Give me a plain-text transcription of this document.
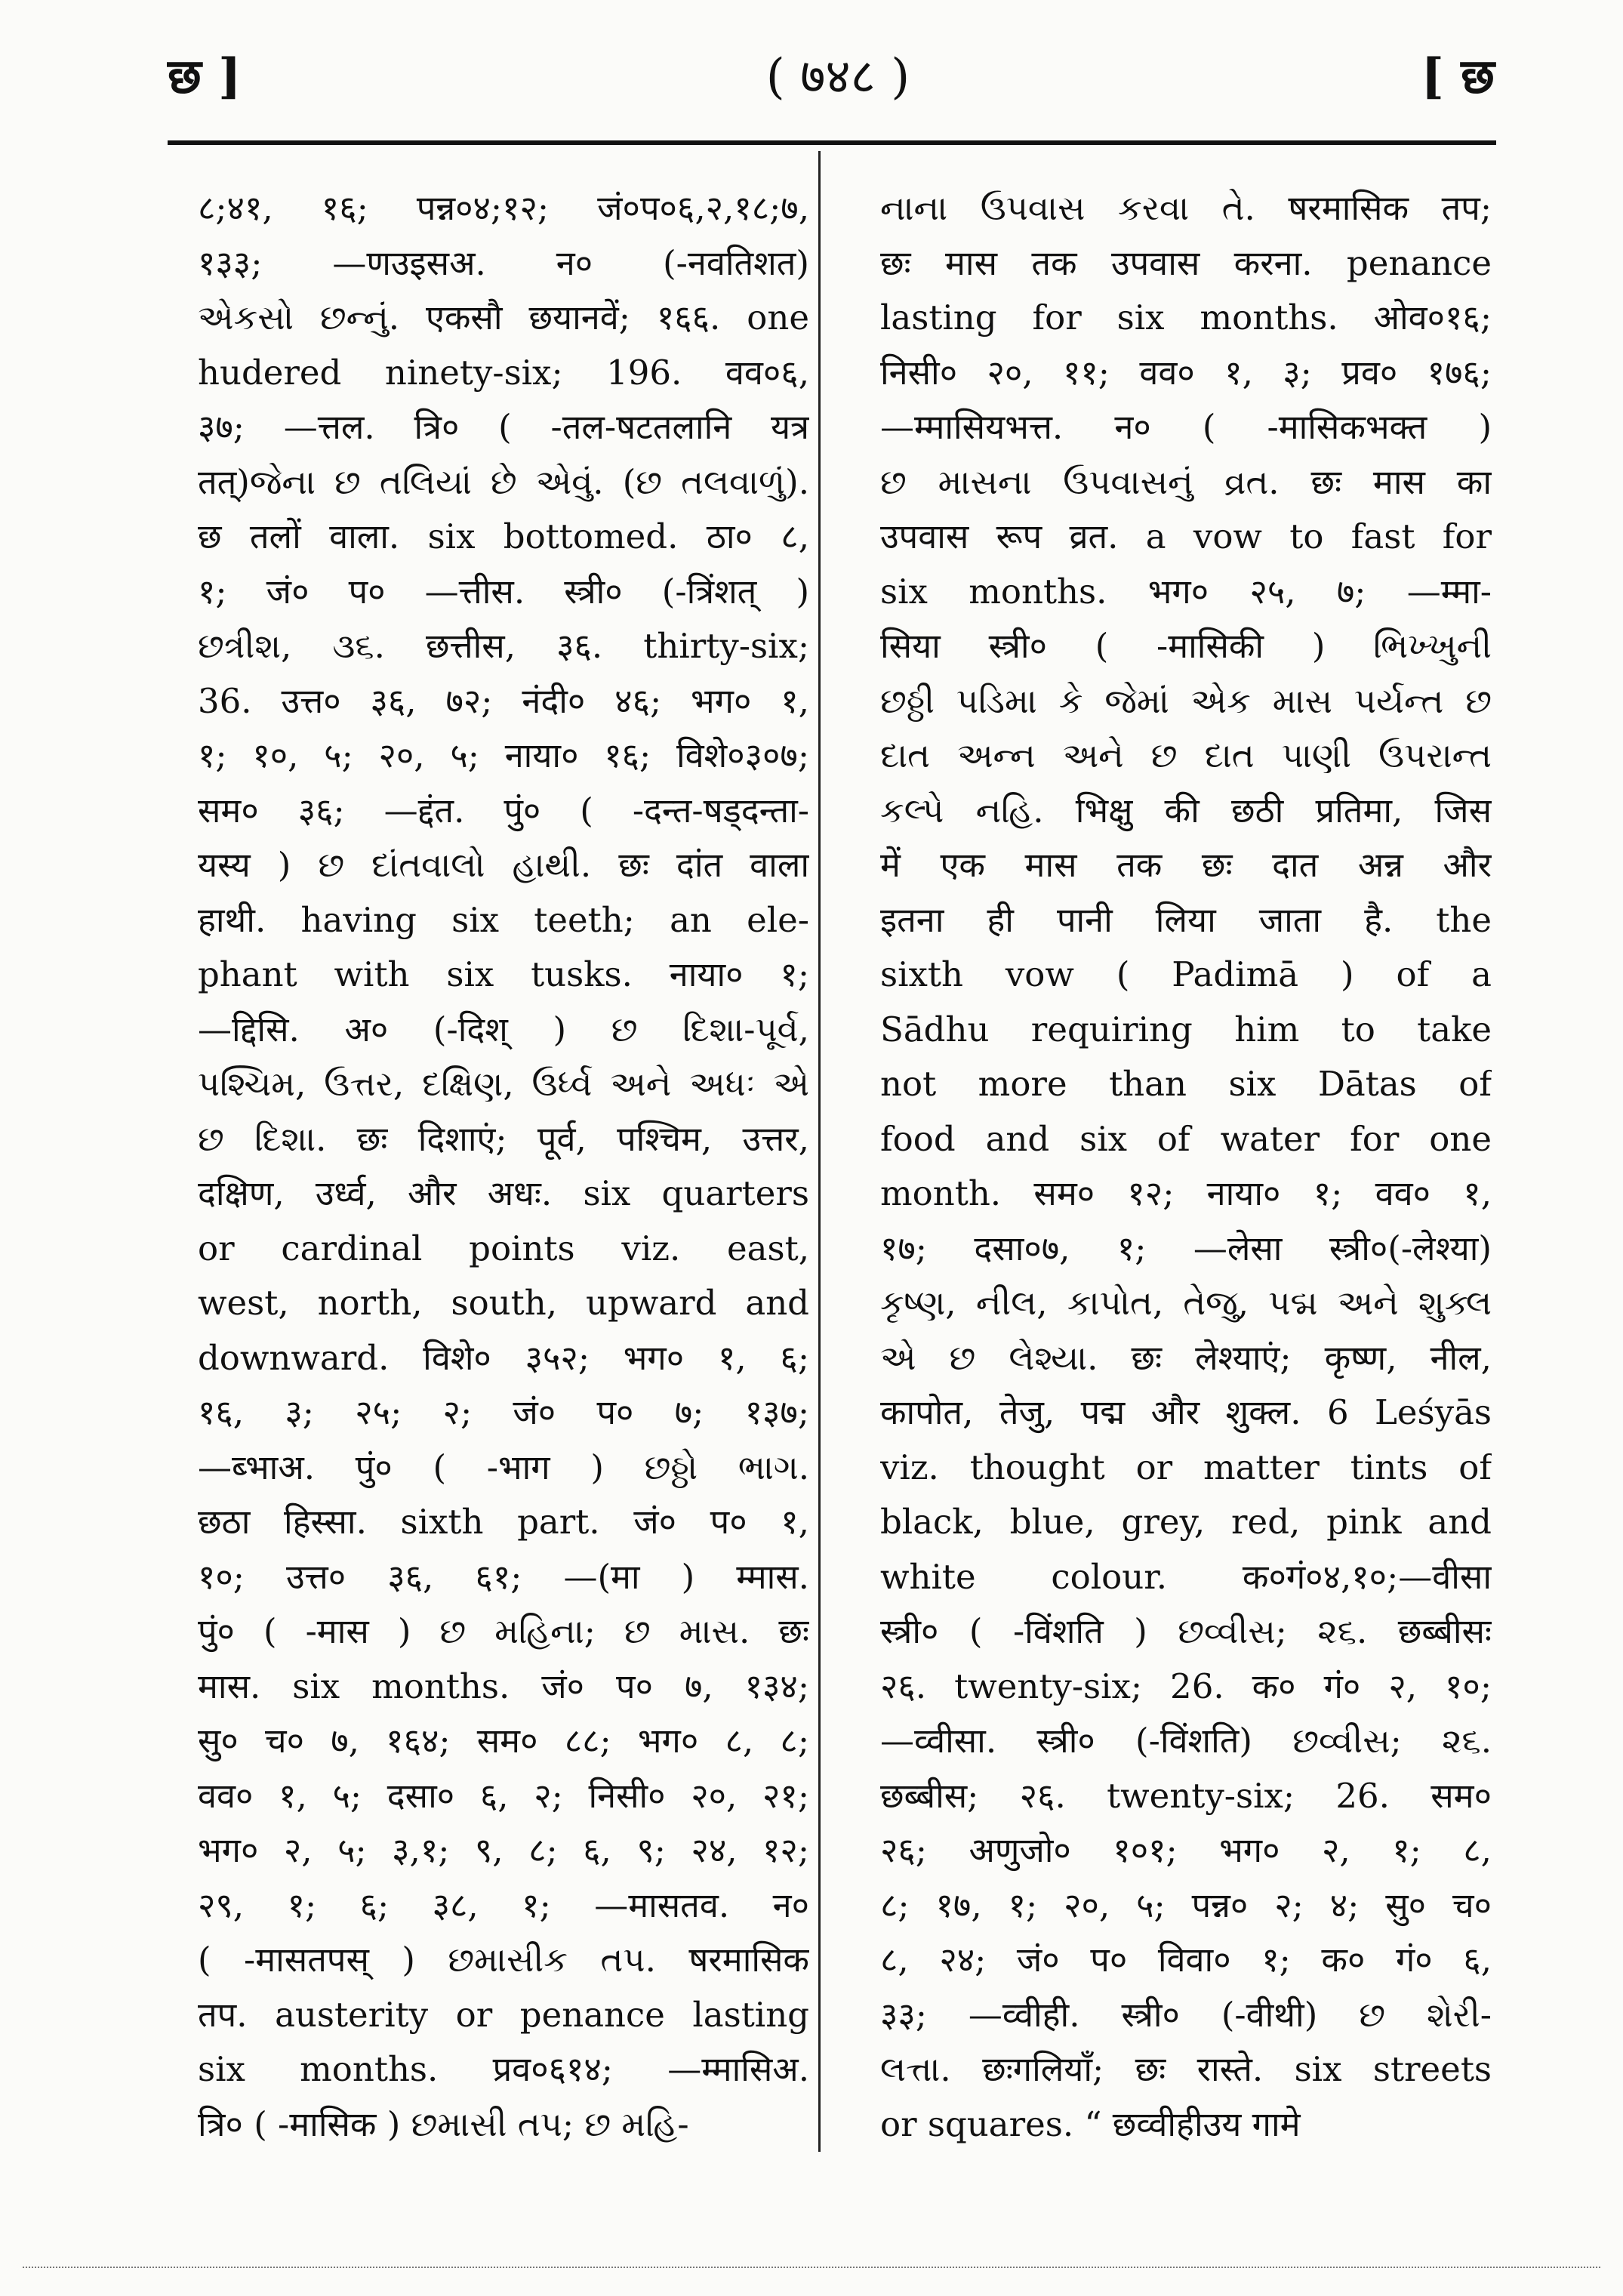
छ ]	( ७४८ )	[ छ
८;४१, १६; पन्न०४;१२; जं०प०६,२,१८;७,
१३३; —णउइसअ. न० (-नवतिशत)
એકસો છન્નું. एकसौ छयानवें; १६६. one
hudered ninety-six; 196. वव०६,
३७; —त्तल. त्रि० ( -तल-षटतलानि यत्र
तत्)જેના છ તલિયાં છે એવું. (છ તલવાળું).
छ तलों वाला. six bottomed. ठा० ८,
१; जं० प० —त्तीस. स्त्री० (-त्रिंशत् )
છત્રીશ, ૩૬. छत्तीस, ३६. thirty-six;
36. उत्त० ३६, ७२; नंदी० ४६; भग० १,
१; १०, ५; २०, ५; नाया० १६; विशे०३०७;
सम० ३६; —द्दंत. पुं० ( -दन्त-षड्दन्ता-
यस्य ) છ દાંતવાલો હાથી. छः दांत वाला
हाथी. having six teeth; an ele-
phant with six tusks. नाया० १;
—द्दिसि. अ० (-दिश् ) છ દિશા-પૂર્વ,
પશ્ચિમ, ઉત્તર, દક્ષિણ, ઉર્ધ્વ અને અધઃ એ
છ દિશા. छः दिशाएं; पूर्व, पश्चिम, उत्तर,
दक्षिण, उर्ध्व, और अधः. six quarters
or cardinal points viz. east,
west, north, south, upward and
downward. विशे० ३५२; भग० १, ६;
१६, ३; २५; २; जं० प० ७; १३७;
—ब्भाअ. पुं० ( -भाग ) છઠ્ઠો ભાગ.
छठा हिस्सा. sixth part. जं० प० १,
१०; उत्त० ३६, ६१; —(मा ) म्मास.
पुं० ( -मास ) છ મહિના; છ માસ. छः
मास. six months. जं० प० ७, १३४;
सु० च० ७, १६४; सम० ८८; भग० ८, ८;
वव० १, ५; दसा० ६, २; निसी० २०, २१;
भग० २, ५; ३,१; ९, ८; ६, ९; २४, १२;
२९, १; ६; ३८, १; —मासतव. न०
( -मासतपस् ) છમાસીક તપ. षरमासिक
तप. austerity or penance lasting
six months. प्रव०६१४; —म्मासिअ.
त्रि० ( -मासिक ) છમાસી તપ; છ મહિ-
નાના ઉપવાસ કરવા તે. षरमासिक तप;
छः मास तक उपवास करना. penance
lasting for six months. ओव०१६;
निसी० २०, ११; वव० १, ३; प्रव० १७६;
—म्मासियभत्त. न० ( -मासिकभक्त )
છ માસના ઉપવાસનું વ્રત. छः मास का
उपवास रूप व्रत. a vow to fast for
six months. भग० २५, ७; —म्मा-
सिया स्त्री० ( -मासिकी ) ભિખ્ખુની
છઠ્ઠી પડિમા કે જેમાં એક માસ પર્યન્ત છ
દાત અન્ન અને છ દાત પાણી ઉપરાન્ત
કલ્પે નહિ. भिक्षु की छठी प्रतिमा, जिस
में एक मास तक छः दात अन्न और
इतना ही पानी लिया जाता है. the
sixth vow ( Padimā ) of a
Sādhu requiring him to take
not more than six Dātas of
food and six of water for one
month. सम० १२; नाया० १; वव० १,
१७; दसा०७, १; —लेसा स्त्री०(-लेश्या)
કૃષ્ણ, નીલ, કાપોત, તેજુ, પદ્મ અને શુક્લ
એ છ લેશ્યા. छः लेश्याएं; कृष्ण, नील,
कापोत, तेजु, पद्म और शुक्ल. 6 Leśyās
viz. thought or matter tints of
black, blue, grey, red, pink and
white colour. क०गं०४,१०;—वीसा
स्त्री० ( -विंशति ) છવ્વીસ; ૨૬. छब्बीसः
२६. twenty-six; 26. क० गं० २, १०;
—व्वीसा. स्त्री० (-विंशति) છવ્વીસ; ૨૬.
छब्बीस; २६. twenty-six; 26. सम०
२६; अणुजो० १०१; भग० २, १; ८,
८; १७, १; २०, ५; पन्न० २; ४; सु० च०
८, २४; जं० प० विवा० १; क० गं० ६,
३३; —व्वीही. स्त्री० (-वीथी) છ શેરી-
લત્તા. छःगलियाँ; छः रास्ते. six streets
or squares. “ छव्वीहीउय गामे
